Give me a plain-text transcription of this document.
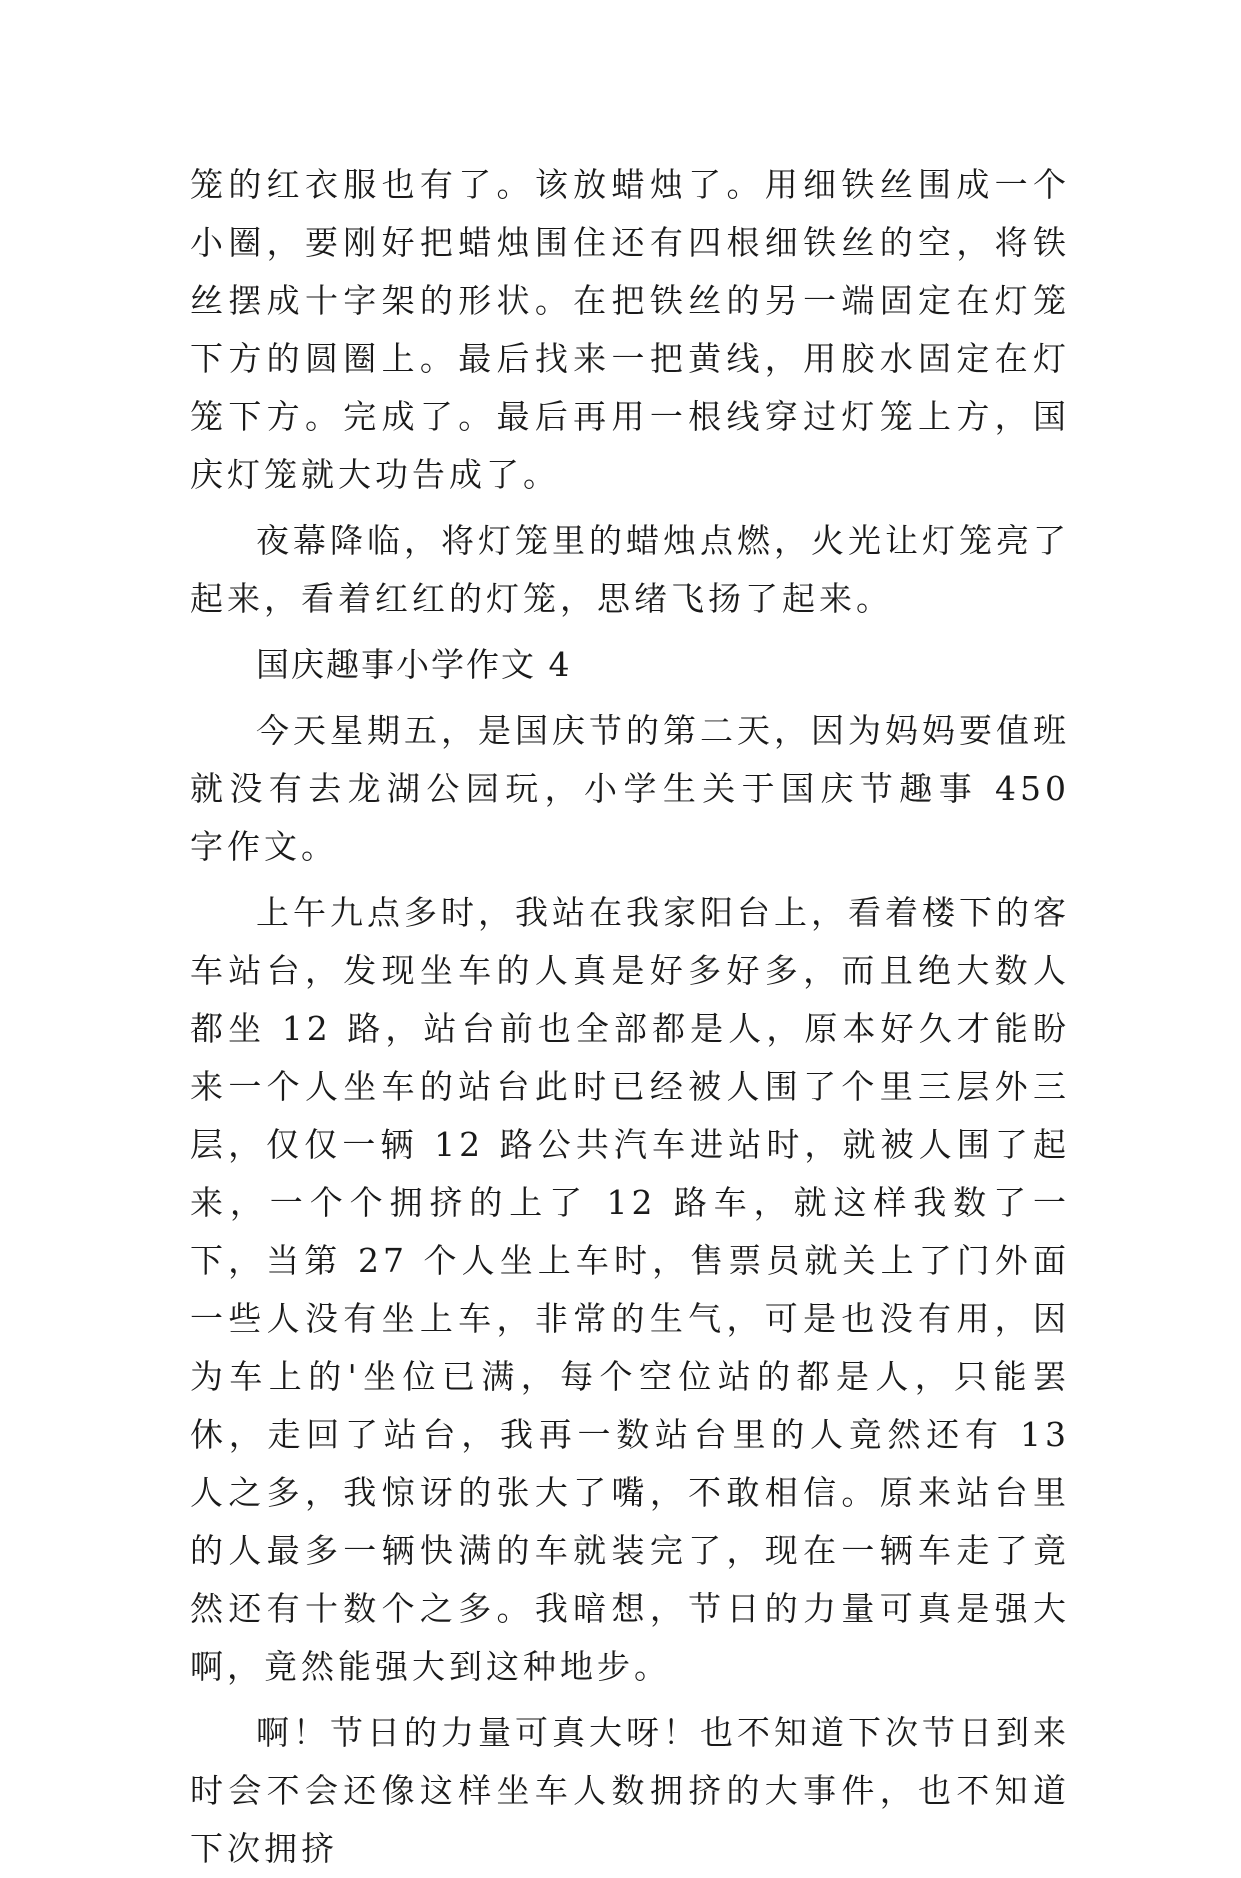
笼的红衣服也有了。该放蜡烛了。用细铁丝围成一个小圈，要刚好把蜡烛围住还有四根细铁丝的空，将铁丝摆成十字架的形状。在把铁丝的另一端固定在灯笼下方的圆圈上。最后找来一把黄线，用胶水固定在灯笼下方。完成了。最后再用一根线穿过灯笼上方，国庆灯笼就大功告成了。

夜幕降临，将灯笼里的蜡烛点燃，火光让灯笼亮了起来，看着红红的灯笼，思绪飞扬了起来。

国庆趣事小学作文 4

今天星期五，是国庆节的第二天，因为妈妈要值班就没有去龙湖公园玩，小学生关于国庆节趣事 450 字作文。

上午九点多时，我站在我家阳台上，看着楼下的客车站台，发现坐车的人真是好多好多，而且绝大数人都坐 12 路，站台前也全部都是人，原本好久才能盼来一个人坐车的站台此时已经被人围了个里三层外三层，仅仅一辆 12 路公共汽车进站时，就被人围了起来，一个个拥挤的上了 12 路车，就这样我数了一下，当第 27 个人坐上车时，售票员就关上了门外面一些人没有坐上车，非常的生气，可是也没有用，因为车上的'坐位已满，每个空位站的都是人，只能罢休，走回了站台，我再一数站台里的人竟然还有 13 人之多，我惊讶的张大了嘴，不敢相信。原来站台里的人最多一辆快满的车就装完了，现在一辆车走了竟然还有十数个之多。我暗想，节日的力量可真是强大啊，竟然能强大到这种地步。

啊！节日的力量可真大呀！也不知道下次节日到来时会不会还像这样坐车人数拥挤的大事件，也不知道下次拥挤
